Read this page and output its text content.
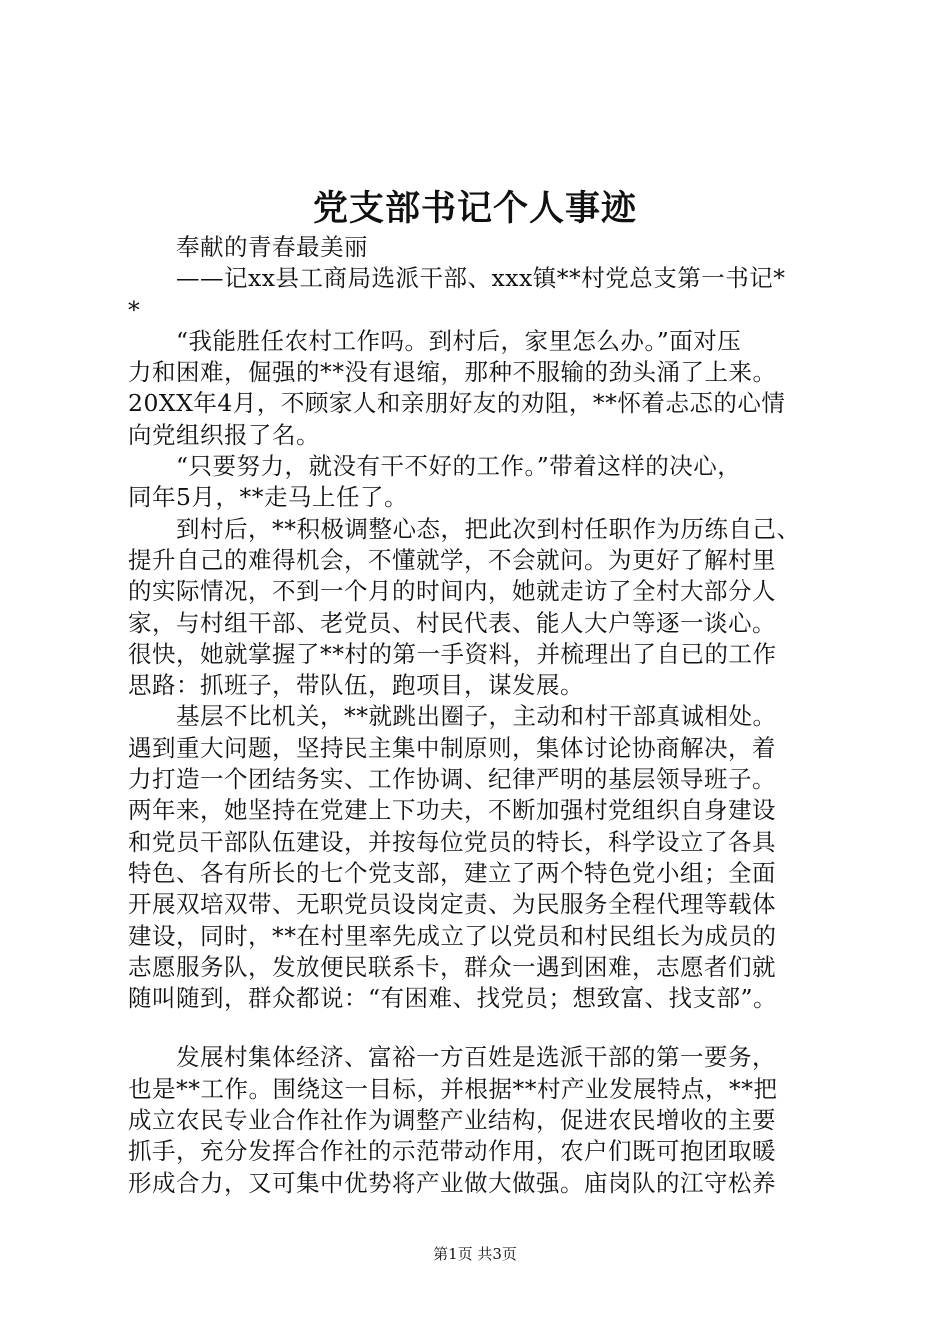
党支部书记个人事迹
　　奉献的青春最美丽
　　——记xx县工商局选派干部、xxx镇**村党总支第一书记*
*
　　“我能胜任农村工作吗。到村后，家里怎么办。”面对压
力和困难，倔强的**没有退缩，那种不服输的劲头涌了上来。
20XX年4月，不顾家人和亲朋好友的劝阻，**怀着忐忑的心情
向党组织报了名。
　　“只要努力，就没有干不好的工作。”带着这样的决心，
同年5月，**走马上任了。
　　到村后，**积极调整心态，把此次到村任职作为历练自己、
提升自己的难得机会，不懂就学，不会就问。为更好了解村里
的实际情况，不到一个月的时间内，她就走访了全村大部分人
家，与村组干部、老党员、村民代表、能人大户等逐一谈心。
很快，她就掌握了**村的第一手资料，并梳理出了自已的工作
思路：抓班子，带队伍，跑项目，谋发展。
　　基层不比机关，**就跳出圈子，主动和村干部真诚相处。
遇到重大问题，坚持民主集中制原则，集体讨论协商解决，着
力打造一个团结务实、工作协调、纪律严明的基层领导班子。
两年来，她坚持在党建上下功夫，不断加强村党组织自身建设
和党员干部队伍建设，并按每位党员的特长，科学设立了各具
特色、各有所长的七个党支部，建立了两个特色党小组；全面
开展双培双带、无职党员设岗定责、为民服务全程代理等载体
建设，同时，**在村里率先成立了以党员和村民组长为成员的
志愿服务队，发放便民联系卡，群众一遇到困难，志愿者们就
随叫随到，群众都说：“有困难、找党员；想致富、找支部”。
　　发展村集体经济、富裕一方百姓是选派干部的第一要务，
也是**工作。围绕这一目标，并根据**村产业发展特点，**把
成立农民专业合作社作为调整产业结构，促进农民增收的主要
抓手，充分发挥合作社的示范带动作用，农户们既可抱团取暖
形成合力，又可集中优势将产业做大做强。庙岗队的江守松养
第1页 共3页
